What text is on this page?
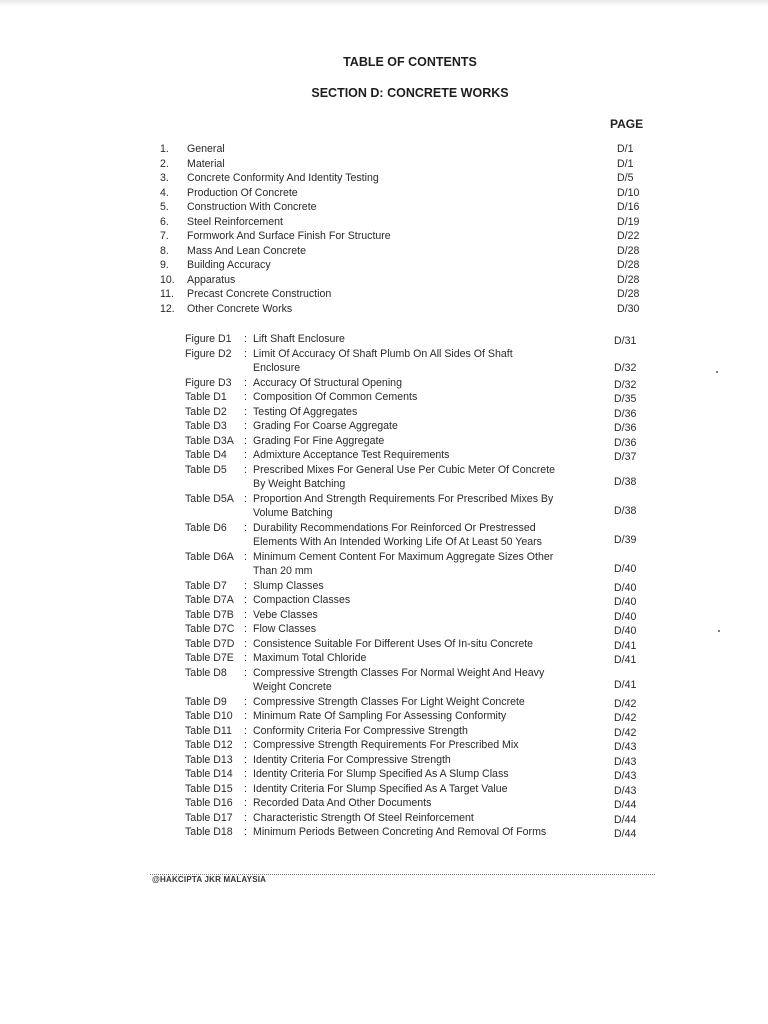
TABLE OF CONTENTS
SECTION D: CONCRETE WORKS
PAGE
1. General	D/1
2. Material	D/1
3. Concrete Conformity And Identity Testing	D/5
4. Production Of Concrete	D/10
5. Construction With Concrete	D/16
6. Steel Reinforcement	D/19
7. Formwork And Surface Finish For Structure	D/22
8. Mass And Lean Concrete	D/28
9. Building Accuracy	D/28
10. Apparatus	D/28
11. Precast Concrete Construction	D/28
12. Other Concrete Works	D/30
Figure D1 : Lift Shaft Enclosure	D/31
Figure D2 : Limit Of Accuracy Of Shaft Plumb On All Sides Of Shaft
Enclosure	D/32
Figure D3 : Accuracy Of Structural Opening	D/32
Table D1 : Composition Of Common Cements	D/35
Table D2 : Testing Of Aggregates	D/36
Table D3 : Grading For Coarse Aggregate	D/36
Table D3A : Grading For Fine Aggregate	D/36
Table D4 : Admixture Acceptance Test Requirements	D/37
Table D5 : Prescribed Mixes For General Use Per Cubic Meter Of Concrete
By Weight Batching	D/38
Table D5A : Proportion And Strength Requirements For Prescribed Mixes By
Volume Batching	D/38
Table D6 : Durability Recommendations For Reinforced Or Prestressed
Elements With An Intended Working Life Of At Least 50 Years	D/39
Table D6A : Minimum Cement Content For Maximum Aggregate Sizes Other
Than 20 mm	D/40
Table D7 : Slump Classes	D/40
Table D7A : Compaction Classes	D/40
Table D7B : Vebe Classes	D/40
Table D7C : Flow Classes	D/40
Table D7D : Consistence Suitable For Different Uses Of In-situ Concrete	D/41
Table D7E : Maximum Total Chloride	D/41
Table D8 : Compressive Strength Classes For Normal Weight And Heavy
Weight Concrete	D/41
Table D9 : Compressive Strength Classes For Light Weight Concrete	D/42
Table D10 : Minimum Rate Of Sampling For Assessing Conformity	D/42
Table D11 : Conformity Criteria For Compressive Strength	D/42
Table D12 : Compressive Strength Requirements For Prescribed Mix	D/43
Table D13 : Identity Criteria For Compressive Strength	D/43
Table D14 : Identity Criteria For Slump Specified As A Slump Class	D/43
Table D15 : Identity Criteria For Slump Specified As A Target Value	D/43
Table D16 : Recorded Data And Other Documents	D/44
Table D17 : Characteristic Strength Of Steel Reinforcement	D/44
Table D18 : Minimum Periods Between Concreting And Removal Of Forms	D/44
@HAKCIPTA JKR MALAYSIA
